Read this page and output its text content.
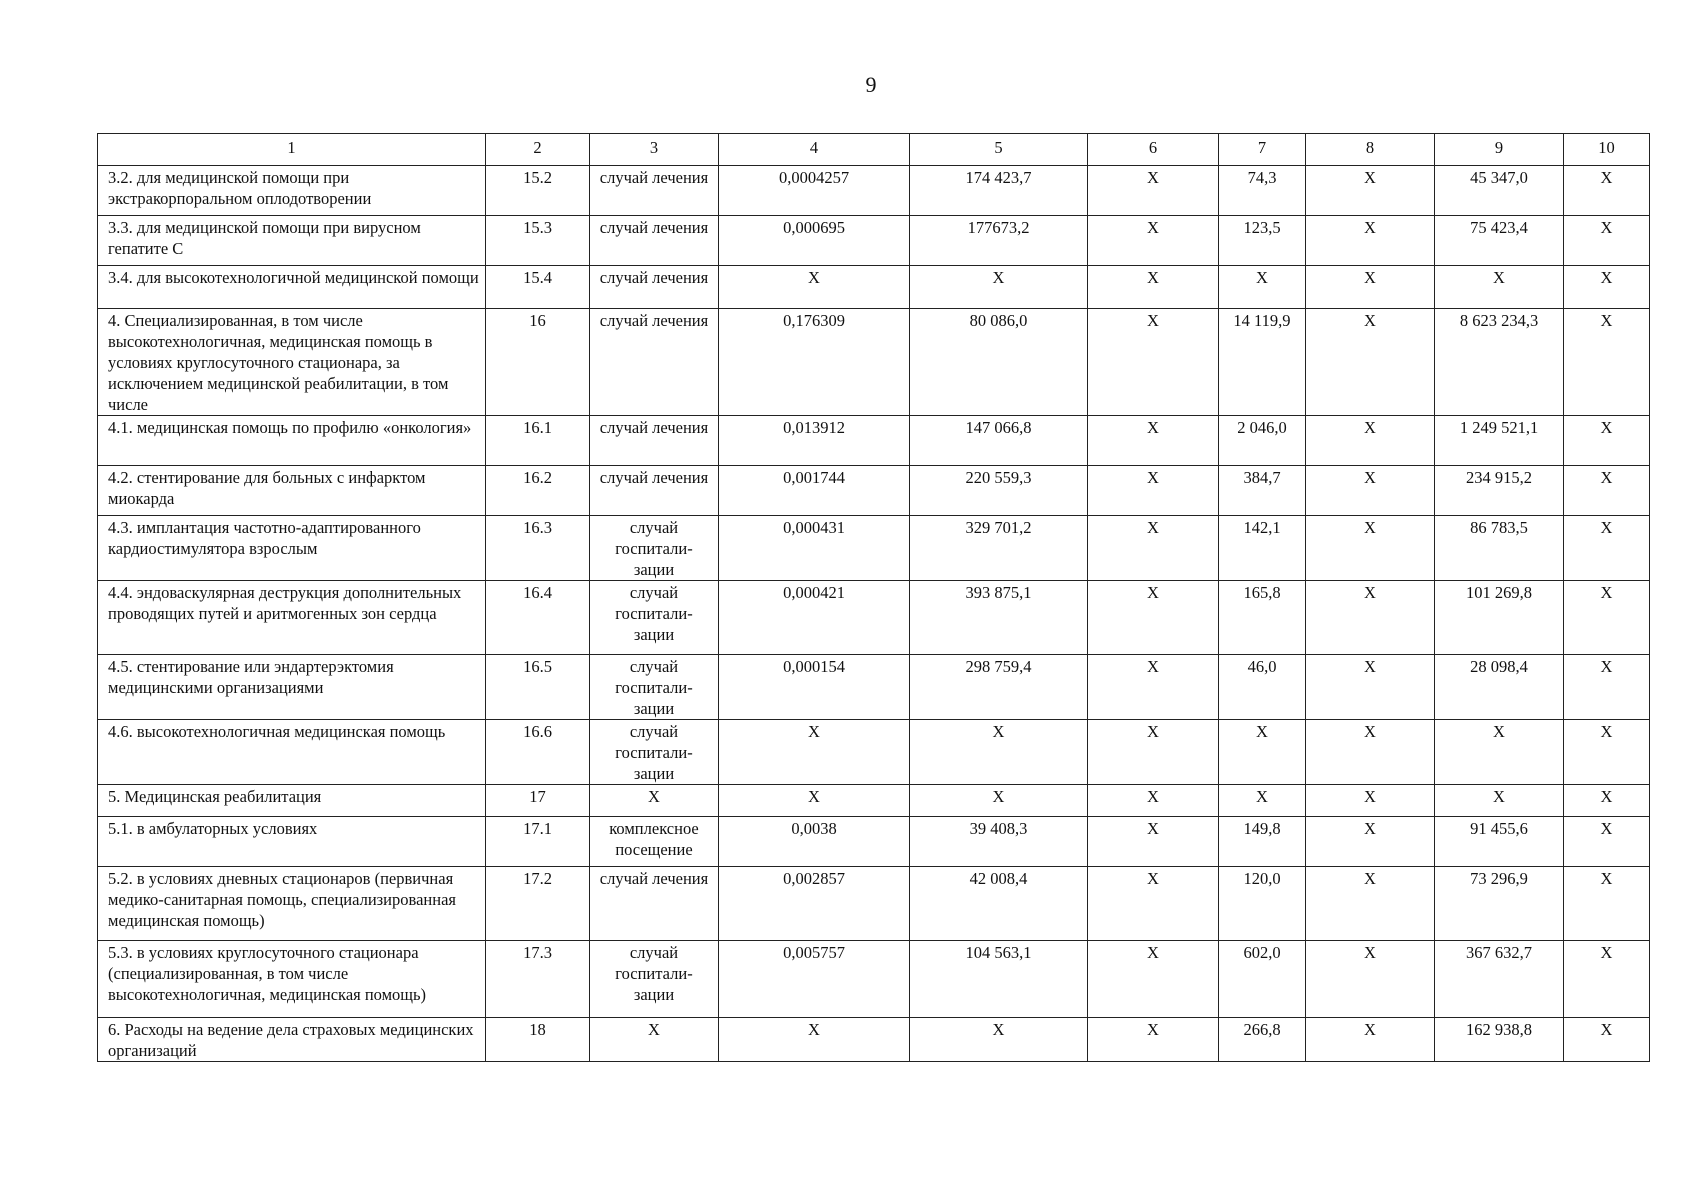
9
1	2	3	4	5	6	7	8	9	10
3.2. для медицинской помощи при экстракорпоральном оплодотворении	15.2	случай лечения	0,0004257	174 423,7	Х	74,3	Х	45 347,0	Х
3.3. для медицинской помощи при вирусном гепатите С	15.3	случай лечения	0,000695	177673,2	Х	123,5	Х	75 423,4	Х
3.4. для высокотехнологичной медицинской помощи	15.4	случай лечения	Х	Х	Х	Х	Х	Х	Х
4. Специализированная, в том числе высокотехнологичная, медицинская помощь в условиях круглосуточного стационара, за исключением медицинской реабилитации, в том числе	16	случай лечения	0,176309	80 086,0	Х	14 119,9	Х	8 623 234,3	Х
4.1. медицинская помощь по профилю «онкология»	16.1	случай лечения	0,013912	147 066,8	Х	2 046,0	Х	1 249 521,1	Х
4.2. стентирование для больных с инфарктом миокарда	16.2	случай лечения	0,001744	220 559,3	Х	384,7	Х	234 915,2	Х
4.3. имплантация частотно-адаптированного кардиостимулятора взрослым	16.3	случай госпитали-зации	0,000431	329 701,2	Х	142,1	Х	86 783,5	Х
4.4. эндоваскулярная деструкция дополнительных проводящих путей и аритмогенных зон сердца	16.4	случай госпитали-зации	0,000421	393 875,1	Х	165,8	Х	101 269,8	Х
4.5. стентирование или эндартерэктомия медицинскими организациями	16.5	случай госпитали-зации	0,000154	298 759,4	Х	46,0	Х	28 098,4	Х
4.6. высокотехнологичная медицинская помощь	16.6	случай госпитали-зации	Х	Х	Х	Х	Х	Х	Х
5. Медицинская реабилитация	17	Х	Х	Х	Х	Х	Х	Х	Х
5.1. в амбулаторных условиях	17.1	комплексное посещение	0,0038	39 408,3	Х	149,8	Х	91 455,6	Х
5.2. в условиях дневных стационаров (первичная медико-санитарная помощь, специализированная медицинская помощь)	17.2	случай лечения	0,002857	42 008,4	Х	120,0	Х	73 296,9	Х
5.3. в условиях круглосуточного стационара (специализированная, в том числе высокотехнологичная, медицинская помощь)	17.3	случай госпитали-зации	0,005757	104 563,1	Х	602,0	Х	367 632,7	Х
6. Расходы на ведение дела страховых медицинских организаций	18	Х	Х	Х	Х	266,8	Х	162 938,8	Х
